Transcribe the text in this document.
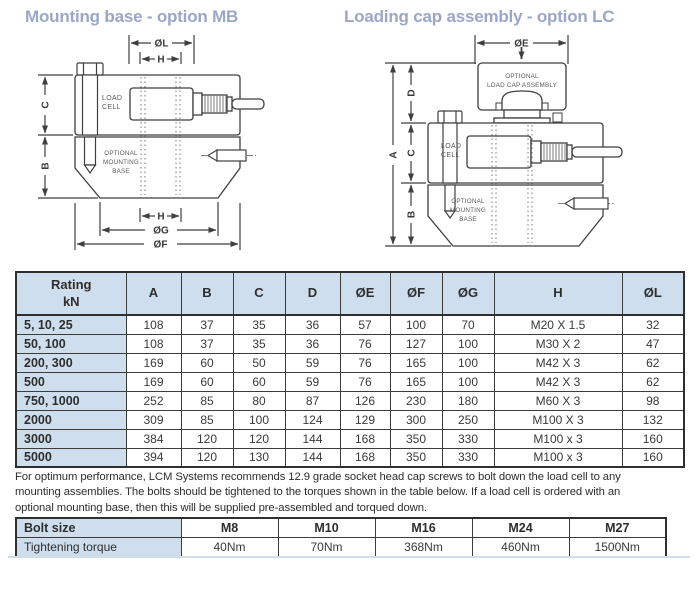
Mounting base - option MB	Loading cap assembly - option LC
ØL
H
C
B
H
ØG
ØF
LOAD
CELL
OPTIONAL
MOUNTING
BASE
ØE
A
D
C
B
OPTIONAL
LOAD CAP ASSEMBLY
LOAD
CELL
OPTIONAL
MOUNTING
BASE
Rating
kN	A	B	C	D	ØE	ØF	ØG	H	ØL
5, 10, 25	108	37	35	36	57	100	70	M20 X 1.5	32
50, 100	108	37	35	36	76	127	100	M30 X 2	47
200, 300	169	60	50	59	76	165	100	M42 X 3	62
500	169	60	60	59	76	165	100	M42 X 3	62
750, 1000	252	85	80	87	126	230	180	M60 X 3	98
2000	309	85	100	124	129	300	250	M100 X 3	132
3000	384	120	120	144	168	350	330	M100 x 3	160
5000	394	120	130	144	168	350	330	M100 x 3	160
For optimum performance, LCM Systems recommends 12.9 grade socket head cap screws to bolt down the load cell to any
mounting assemblies. The bolts should be tightened to the torques shown in the table below. If a load cell is ordered with an
optional mounting base, then this will be supplied pre-assembled and torqued down.
Bolt size	M8	M10	M16	M24	M27
Tightening torque	40Nm	70Nm	368Nm	460Nm	1500Nm
